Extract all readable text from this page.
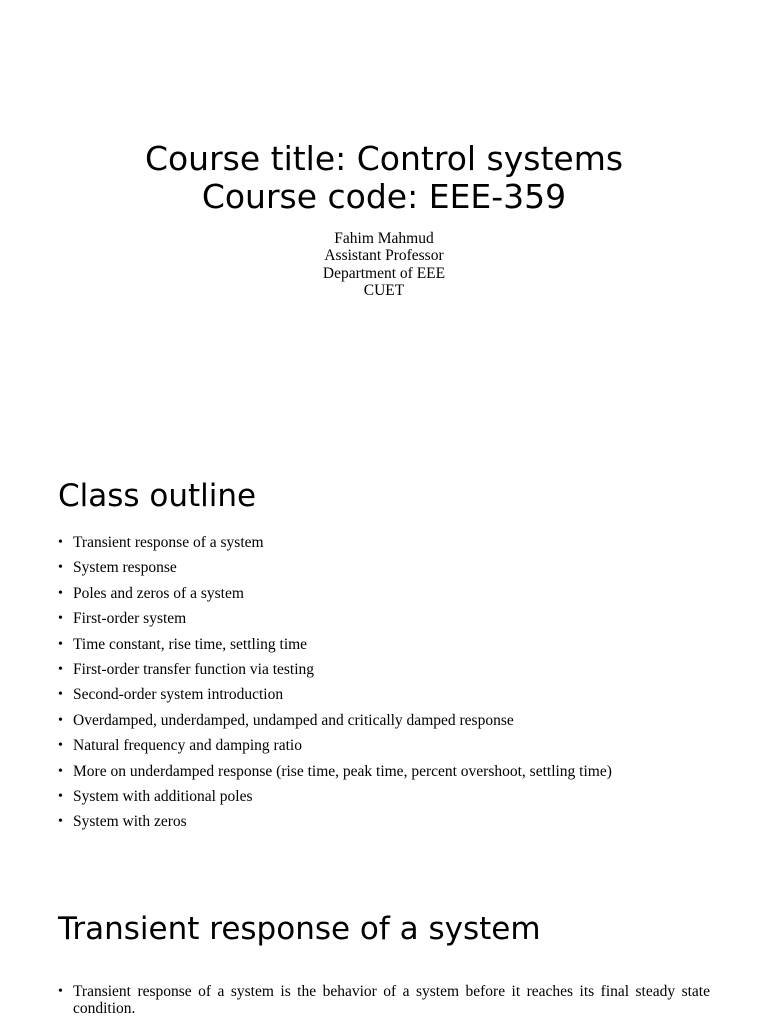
Course title: Control systems
Course code: EEE-359
Fahim Mahmud
Assistant Professor
Department of EEE
CUET
Class outline
• Transient response of a system
• System response
• Poles and zeros of a system
• First-order system
• Time constant, rise time, settling time
• First-order transfer function via testing
• Second-order system introduction
• Overdamped, underdamped, undamped and critically damped response
• Natural frequency and damping ratio
• More on underdamped response (rise time, peak time, percent overshoot, settling time)
• System with additional poles
• System with zeros
Transient response of a system
• Transient response of a system is the behavior of a system before it reaches its final steady state condition.
